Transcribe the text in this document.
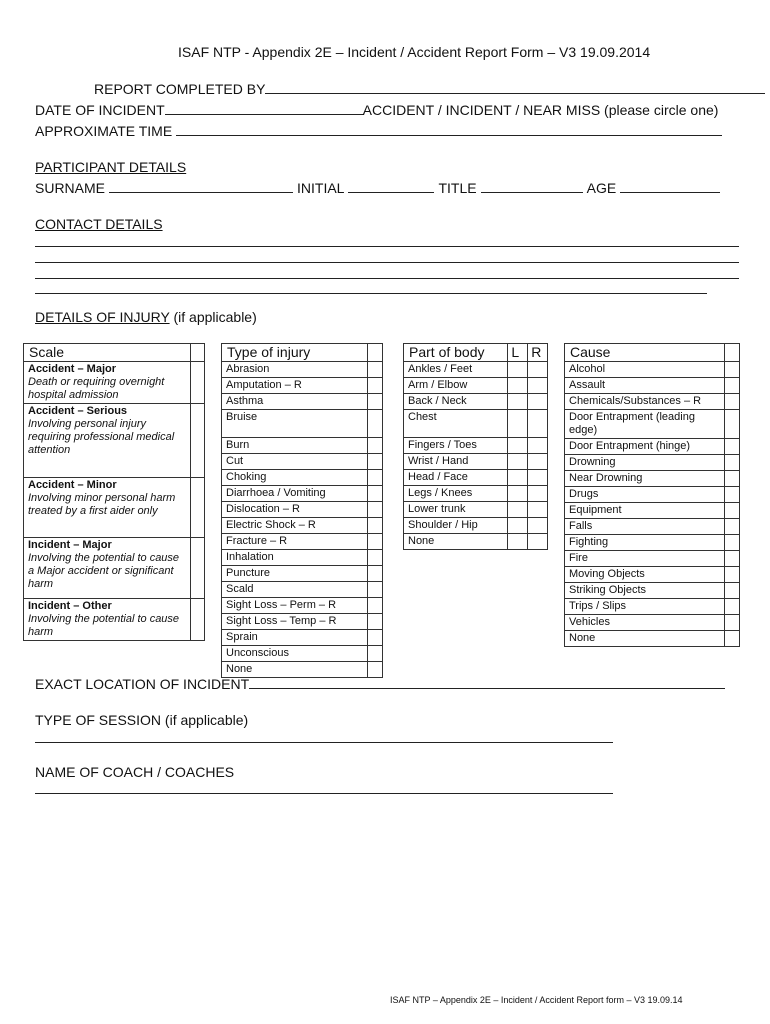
ISAF NTP - Appendix 2E – Incident / Accident Report Form – V3 19.09.2014
REPORT COMPLETED BY
DATE OF INCIDENT	ACCIDENT / INCIDENT / NEAR MISS (please circle one)
APPROXIMATE TIME
PARTICIPANT DETAILS
SURNAME	INITIAL	TITLE	AGE
CONTACT DETAILS
DETAILS OF INJURY (if applicable)
Scale	

Accident – Major
Death or requiring overnight hospital admission	

Accident – Serious
Involving personal injury requiring professional medical attention	

Accident – Minor
Involving minor personal harm treated by a first aider only	

Incident – Major
Involving the potential to cause a Major accident or significant harm	

Incident – Other
Involving the potential to cause harm	

Type of injury	
Abrasion	
Amputation – R	
Asthma	
Bruise	
Burn	
Cut	
Choking	
Diarrhoea / Vomiting	
Dislocation – R	
Electric Shock – R	
Fracture – R	
Inhalation	
Puncture	
Scald	
Sight Loss – Perm – R	
Sight Loss – Temp – R	
Sprain	
Unconscious	
None	
Part of body	L	R
Ankles / Feet		
Arm / Elbow		
Back / Neck		
Chest		
Fingers / Toes		
Wrist / Hand		
Head / Face		
Legs / Knees		
Lower trunk		
Shoulder / Hip		
None		
Cause	
Alcohol	
Assault	
Chemicals/Substances – R	
Door Entrapment (leading edge)	
Door Entrapment (hinge)	
Drowning	
Near Drowning	
Drugs	
Equipment	
Falls	
Fighting	
Fire	
Moving Objects	
Striking Objects	
Trips / Slips	
Vehicles	
None	
EXACT LOCATION OF INCIDENT
TYPE OF SESSION (if applicable)
NAME OF COACH / COACHES
ISAF NTP – Appendix 2E – Incident / Accident Report form – V3 19.09.14
